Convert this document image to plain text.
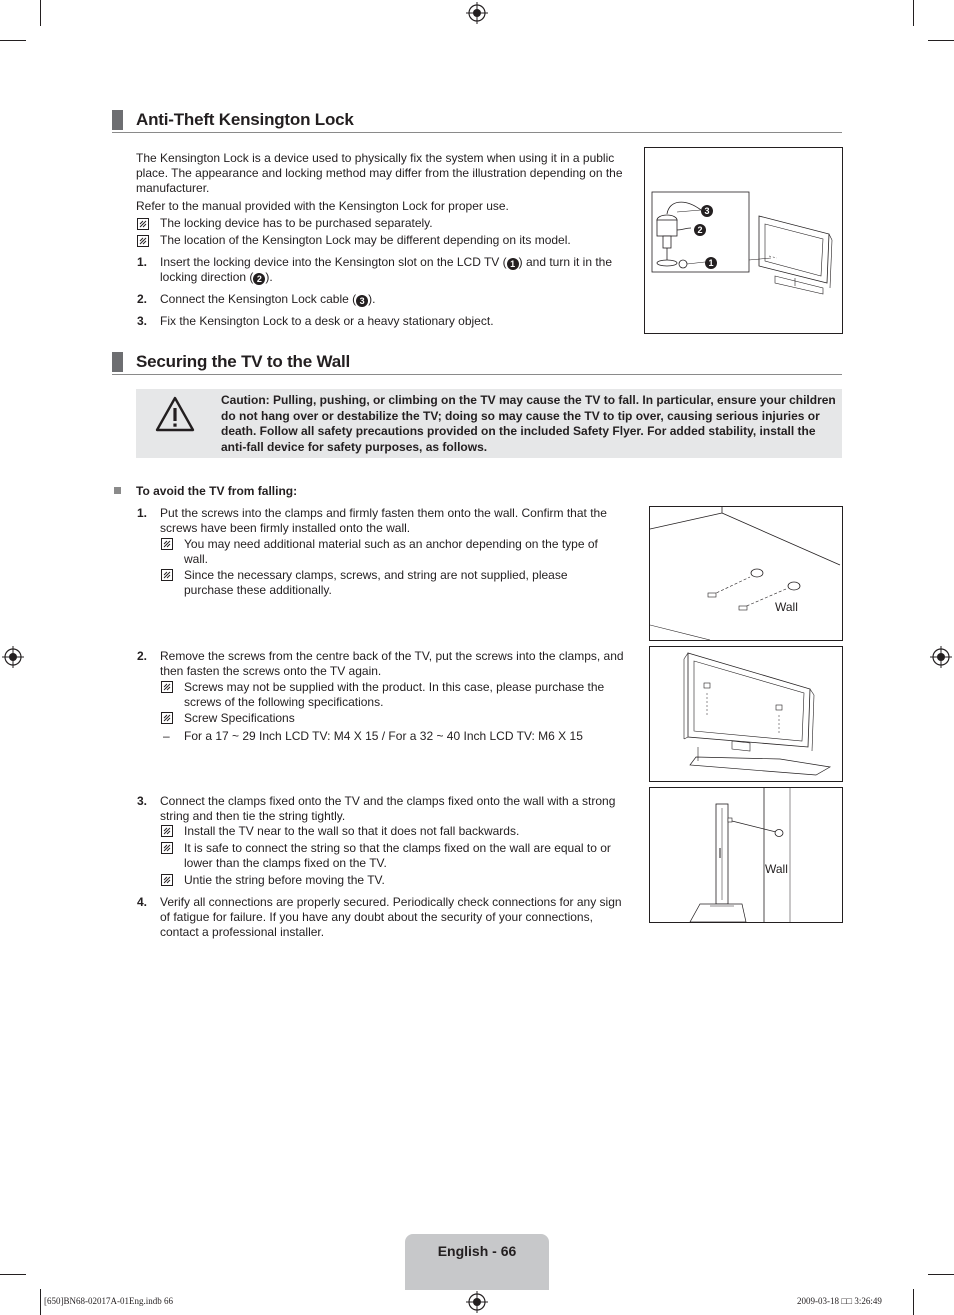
Anti-Theft Kensington Lock
The Kensington Lock is a device used to physically fix the system when using it in a public place. The appearance and locking method may differ from the illustration depending on the manufacturer.
Refer to the manual provided with the Kensington Lock for proper use.
The locking device has to be purchased separately.
The location of the Kensington Lock may be different depending on its model.
1. Insert the locking device into the Kensington slot on the LCD TV ( 1 ) and turn it in the locking direction ( 2 ).
2. Connect the Kensington Lock cable ( 3 ).
3. Fix the Kensington Lock to a desk or a heavy stationary object.
3
2
1
Securing the TV to the Wall
Caution: Pulling, pushing, or climbing on the TV may cause the TV to fall. In particular, ensure your children do not hang over or destabilize the TV; doing so may cause the TV to tip over, causing serious injuries or death. Follow all safety precautions provided on the included Safety Flyer. For added stability, install the anti-fall device for safety purposes, as follows.
To avoid the TV from falling:
1. Put the screws into the clamps and firmly fasten them onto the wall. Confirm that the screws have been firmly installed onto the wall.
You may need additional material such as an anchor depending on the type of wall.
Since the necessary clamps, screws, and string are not supplied, please purchase these additionally.
Wall
2. Remove the screws from the centre back of the TV, put the screws into the clamps, and then fasten the screws onto the TV again.
Screws may not be supplied with the product. In this case, please purchase the screws of the following specifications.
Screw Specifications
– For a 17 ~ 29 Inch LCD TV: M4 X 15 / For a 32 ~ 40 Inch LCD TV: M6 X 15
3. Connect the clamps fixed onto the TV and the clamps fixed onto the wall with a strong string and then tie the string tightly.
Install the TV near to the wall so that it does not fall backwards.
It is safe to connect the string so that the clamps fixed on the wall are equal to or lower than the clamps fixed on the TV.
Untie the string before moving the TV.
Wall
4. Verify all connections are properly secured. Periodically check connections for any sign of fatigue for failure. If you have any doubt about the security of your connections, contact a professional installer.
English - 66
[650]BN68-02017A-01Eng.indb 66	2009-03-18 □□ 3:26:49
